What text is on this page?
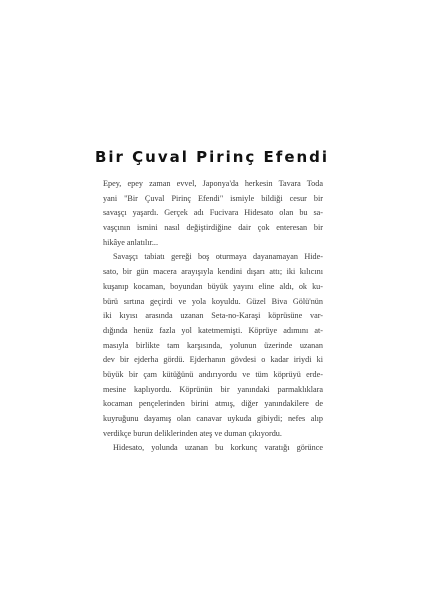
Bir Çuval Pirinç Efendi
Epey, epey zaman evvel, Japonya'da herkesin Tavara Toda
yani "Bir Çuval Pirinç Efendi" ismiyle bildiği cesur bir
savaşçı yaşardı. Gerçek adı Fucivara Hidesato olan bu sa-
vaşçının ismini nasıl değiştirdiğine dair çok enteresan bir
hikâye anlatılır...
Savaşçı tabiatı gereği boş oturmaya dayanamayan Hide-
sato, bir gün macera arayışıyla kendini dışarı attı; iki kılıcını
kuşanıp kocaman, boyundan büyük yayını eline aldı, ok ku-
bürü sırtına geçirdi ve yola koyuldu. Güzel Biva Gölü'nün
iki kıyısı arasında uzanan Seta-no-Karaşi köprüsüne var-
dığında henüz fazla yol katetmemişti. Köprüye adımını at-
masıyla birlikte tam karşısında, yolunun üzerinde uzanan
dev bir ejderha gördü. Ejderhanın gövdesi o kadar iriydi ki
büyük bir çam kütüğünü andırıyordu ve tüm köprüyü erde-
mesine kaplıyordu. Köprünün bir yanındaki parmaklıklara
kocaman pençelerinden birini atmış, diğer yanındakilere de
kuyruğunu dayamış olan canavar uykuda gibiydi; nefes alıp
verdikçe burun deliklerinden ateş ve duman çıkıyordu.
Hidesato, yolunda uzanan bu korkunç varatığı görünce
